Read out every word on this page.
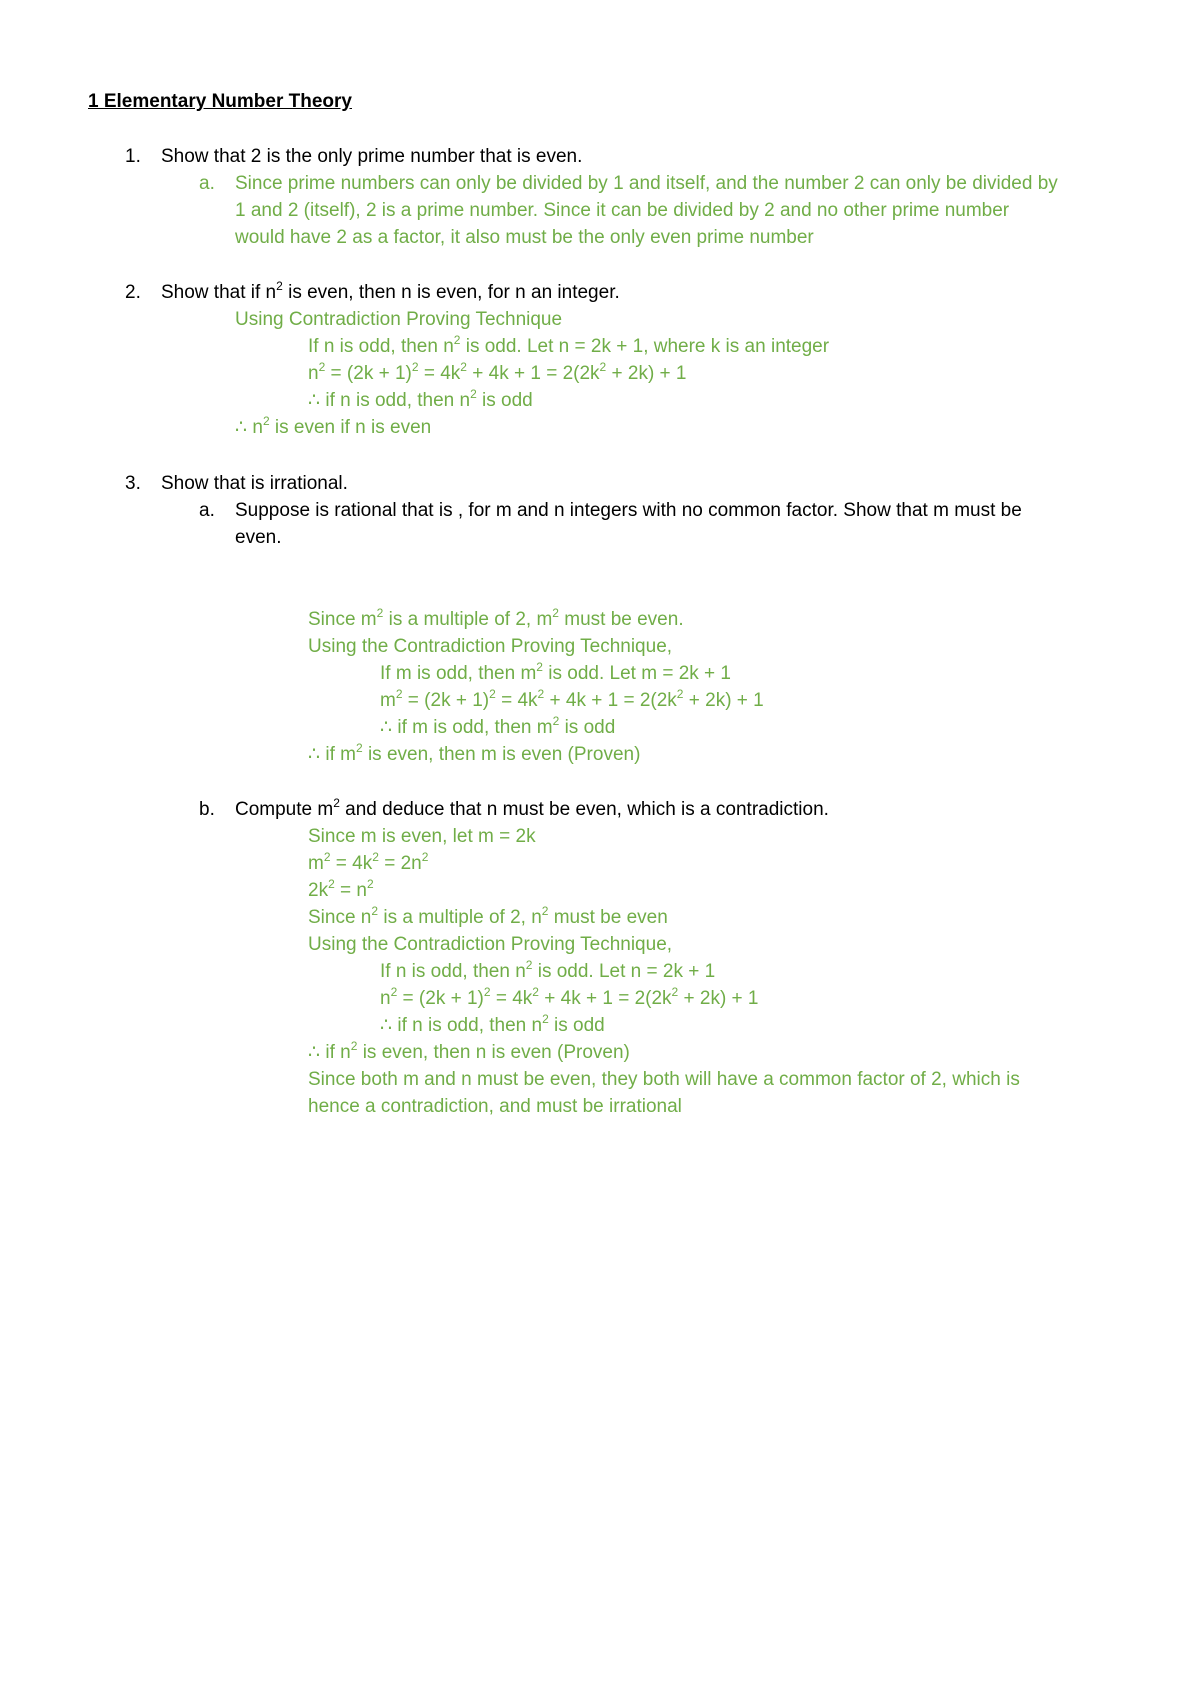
1 Elementary Number Theory
1. Show that 2 is the only prime number that is even.
a. Since prime numbers can only be divided by 1 and itself, and the number 2 can only be divided by
1 and 2 (itself), 2 is a prime number. Since it can be divided by 2 and no other prime number
would have 2 as a factor, it also must be the only even prime number
2. Show that if $n^2$ is even, then n is even, for n an integer.
Using Contradiction Proving Technique
If n is odd, then $n^2$ is odd. Let n = 2k + 1, where k is an integer
$n^2 = (2k + 1)^2 = 4k^2 + 4k + 1 = 2(2k^2 + 2k) + 1$
∴ if n is odd, then $n^2$ is odd
∴ $n^2$ is even if n is even
3. Show that is irrational.
a. Suppose is rational that is , for m and n integers with no common factor. Show that m must be
even.
Since $m^2$ is a multiple of 2, $m^2$ must be even.
Using the Contradiction Proving Technique,
If m is odd, then $m^2$ is odd. Let m = 2k + 1
$m^2 = (2k + 1)^2 = 4k^2 + 4k + 1 = 2(2k^2 + 2k) + 1$
∴ if m is odd, then $m^2$ is odd
∴ if $m^2$ is even, then m is even (Proven)
b. Compute $m^2$ and deduce that n must be even, which is a contradiction.
Since m is even, let m = 2k
$m^2 = 4k^2 = 2n^2$
$2k^2 = n^2$
Since $n^2$ is a multiple of 2, $n^2$ must be even
Using the Contradiction Proving Technique,
If n is odd, then $n^2$ is odd. Let n = 2k + 1
$n^2 = (2k + 1)^2 = 4k^2 + 4k + 1 = 2(2k^2 + 2k) + 1$
∴ if n is odd, then $n^2$ is odd
∴ if $n^2$ is even, then n is even (Proven)
Since both m and n must be even, they both will have a common factor of 2, which is
hence a contradiction, and must be irrational
